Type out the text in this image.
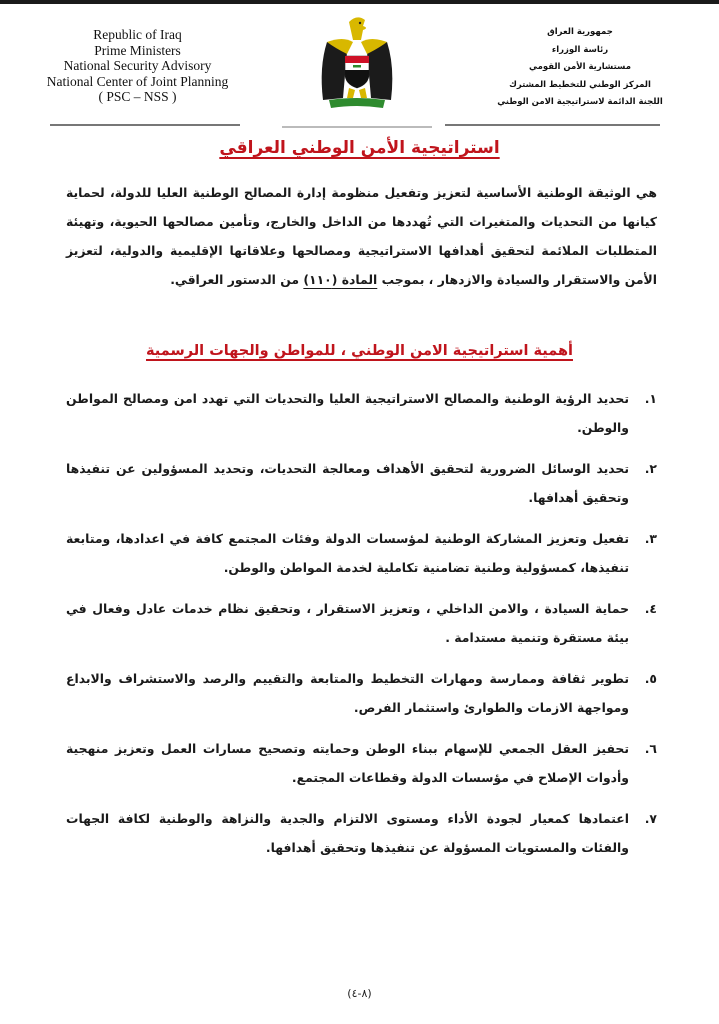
Republic of Iraq
Prime Ministers
National Security Advisory
National Center of Joint Planning
( PSC – NSS )
جمهورية العراق
رئاسة الوزراء
مستشارية الأمن القومي
المركز الوطني للتخطيط المشترك
اللجنة الدائمة لاستراتيجية الامن الوطني
استراتيجية الأمن الوطني العراقي
هي الوثيقة الوطنية الأساسية لتعزيز وتفعيل منظومة إدارة المصالح الوطنية العليا للدولة، لحماية كيانها من التحديات والمتغيرات التي تُهددها من الداخل والخارج، وتأمين مصالحها الحيوية، وتهيئة المتطلبات الملائمة لتحقيق أهدافها الاستراتيجية ومصالحها وعلاقاتها الإقليمية والدولية، لتعزيز الأمن والاستقرار والسيادة والازدهار ، بموجب المادة (١١٠) من الدستور العراقي.
أهمية استراتيجية الامن الوطني ، للمواطن والجهات الرسمية
١.
تحديد الرؤية الوطنية والمصالح الاستراتيجية العليا والتحديات التي تهدد امن ومصالح المواطن والوطن.
٢.
تحديد الوسائل الضرورية لتحقيق الأهداف ومعالجة التحديات، وتحديد المسؤولين عن تنفيذها وتحقيق أهدافها.
٣.
تفعيل وتعزيز المشاركة الوطنية لمؤسسات الدولة وفئات المجتمع كافة في اعدادها، ومتابعة تنفيذها، كمسؤولية وطنية تضامنية تكاملية لخدمة المواطن والوطن.
٤.
حماية السيادة ، والامن الداخلي ، وتعزيز الاستقرار ، وتحقيق نظام خدمات عادل وفعال في بيئة مستقرة وتنمية مستدامة .
٥.
تطوير ثقافة وممارسة ومهارات التخطيط والمتابعة والتقييم والرصد والاستشراف والابداع ومواجهة الازمات والطوارئ واستثمار الفرص.
٦.
تحفيز العقل الجمعي للإسهام ببناء الوطن وحمايته وتصحيح مسارات العمل وتعزيز منهجية وأدوات الإصلاح في مؤسسات الدولة وقطاعات المجتمع.
٧.
اعتمادها كمعيار لجودة الأداء ومستوى الالتزام والجدية والنزاهة والوطنية لكافة الجهات والفئات والمستويات المسؤولة عن تنفيذها وتحقيق أهدافها.
(٨-٤)
